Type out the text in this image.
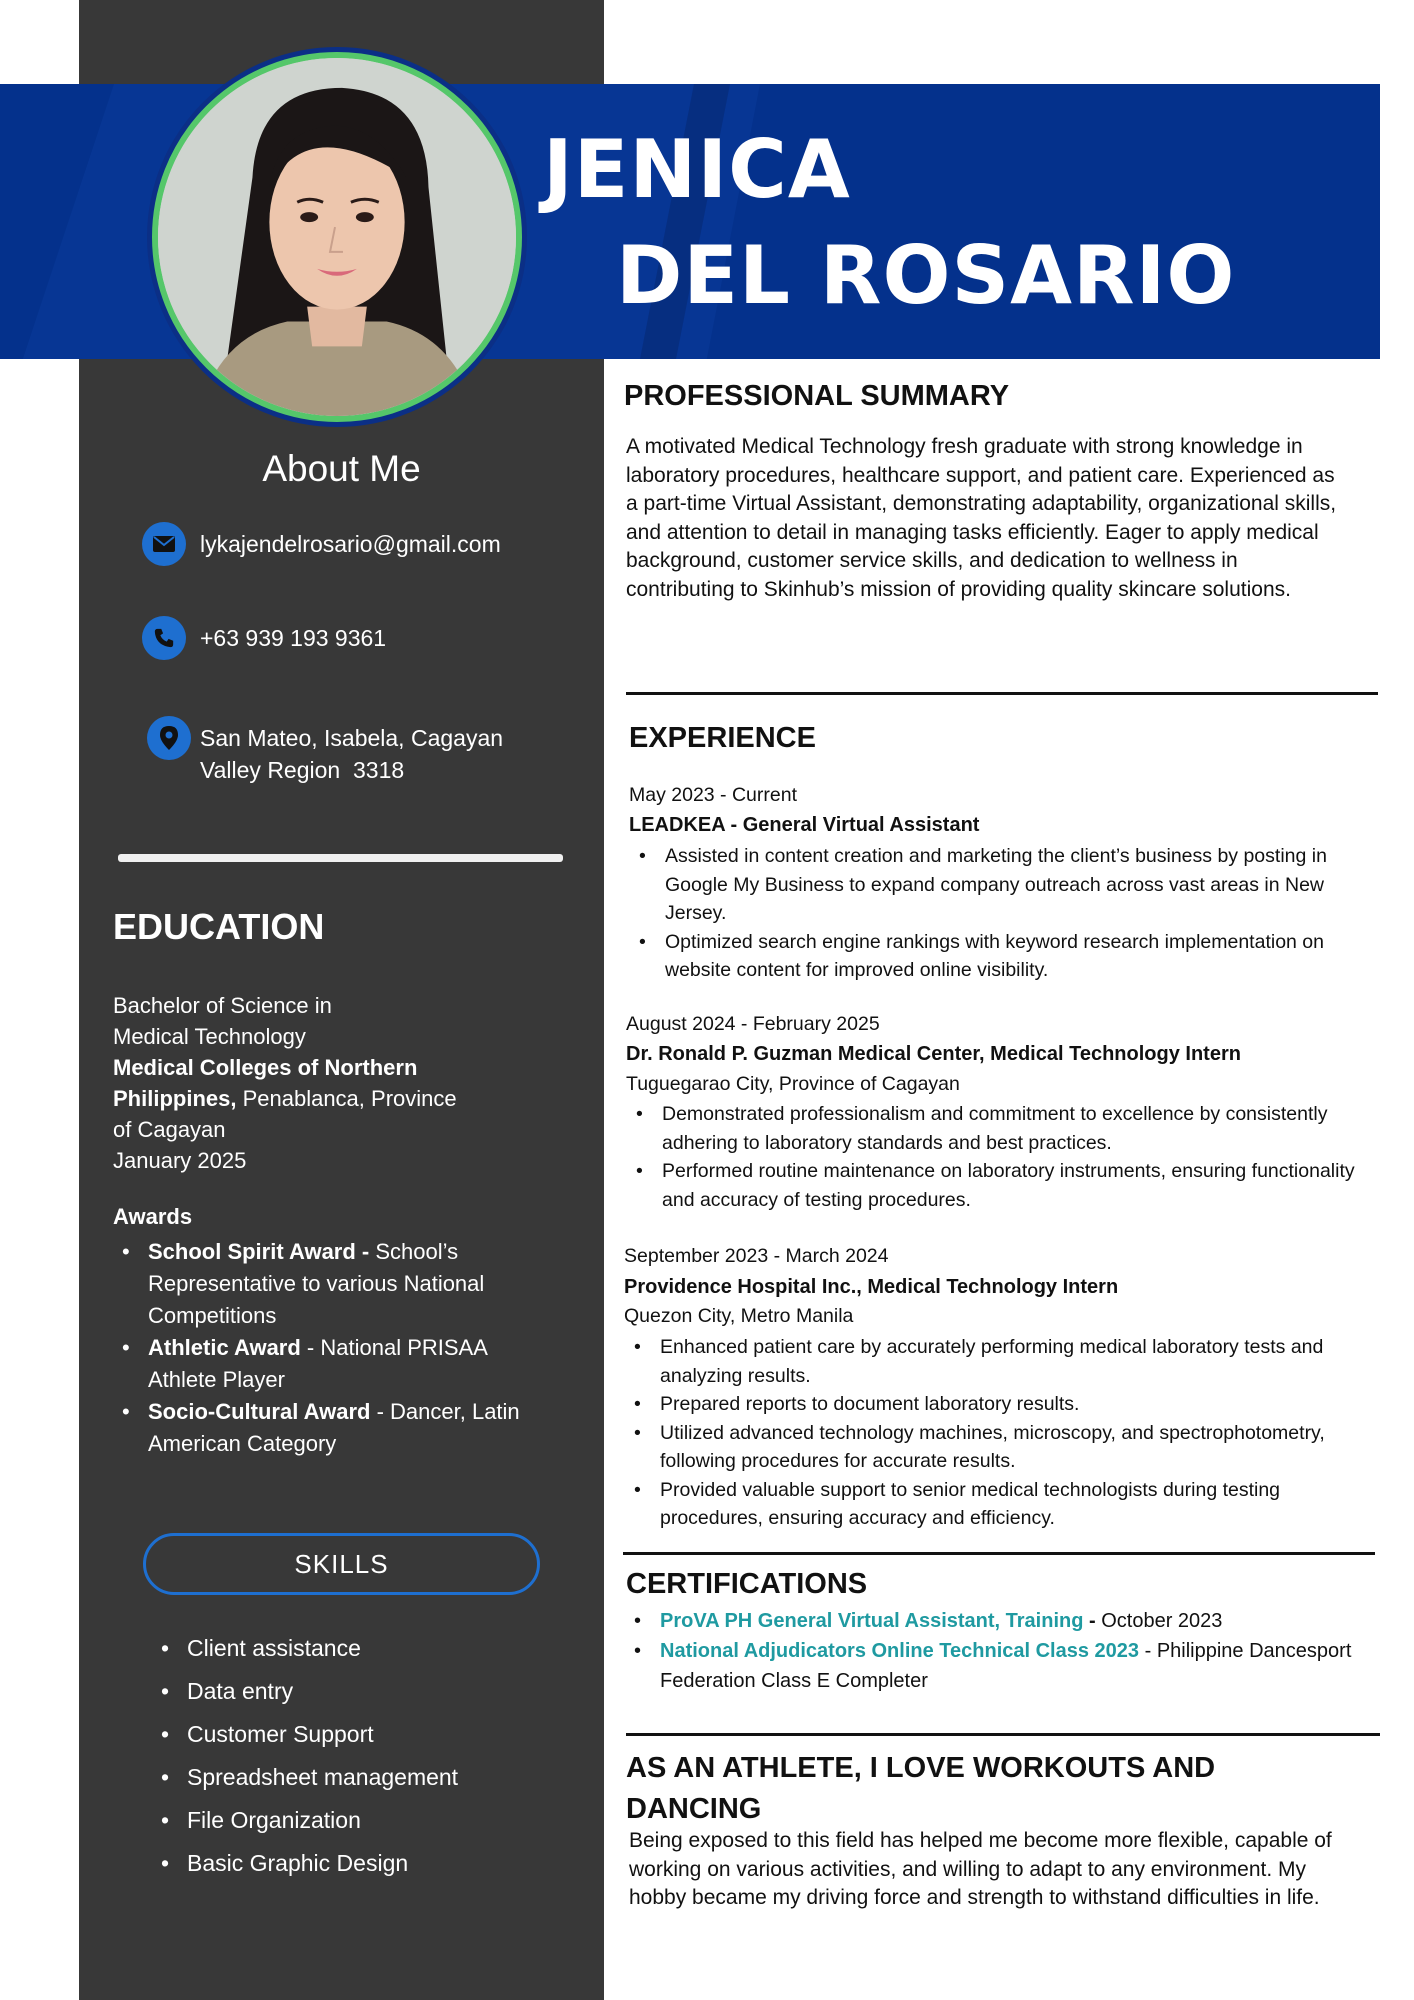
JENICA
DEL ROSARIO
About Me
lykajendelrosario@gmail.com
+63 939 193 9361
San Mateo, Isabela, Cagayan
Valley Region  3318
EDUCATION
Bachelor of Science in
Medical Technology
Medical Colleges of Northern
Philippines, Penablanca, Province
of Cagayan
January 2025
Awards
• School Spirit Award - School’s Representative to various National Competitions
• Athletic Award - National PRISAA Athlete Player
• Socio-Cultural Award - Dancer, Latin American Category
SKILLS
• Client assistance
• Data entry
• Customer Support
• Spreadsheet management
• File Organization
• Basic Graphic Design
PROFESSIONAL SUMMARY
A motivated Medical Technology fresh graduate with strong knowledge in laboratory procedures, healthcare support, and patient care. Experienced as a part-time Virtual Assistant, demonstrating adaptability, organizational skills, and attention to detail in managing tasks efficiently. Eager to apply medical background, customer service skills, and dedication to wellness in contributing to Skinhub’s mission of providing quality skincare solutions.
EXPERIENCE
May 2023 - Current
LEADKEA - General Virtual Assistant
• Assisted in content creation and marketing the client’s business by posting in Google My Business to expand company outreach across vast areas in New Jersey.
• Optimized search engine rankings with keyword research implementation on website content for improved online visibility.
August 2024 - February 2025
Dr. Ronald P. Guzman Medical Center, Medical Technology Intern
Tuguegarao City, Province of Cagayan
• Demonstrated professionalism and commitment to excellence by consistently adhering to laboratory standards and best practices.
• Performed routine maintenance on laboratory instruments, ensuring functionality and accuracy of testing procedures.
September 2023 - March 2024
Providence Hospital Inc., Medical Technology Intern
Quezon City, Metro Manila
• Enhanced patient care by accurately performing medical laboratory tests and analyzing results.
• Prepared reports to document laboratory results.
• Utilized advanced technology machines, microscopy, and spectrophotometry, following procedures for accurate results.
• Provided valuable support to senior medical technologists during testing procedures, ensuring accuracy and efficiency.
CERTIFICATIONS
• ProVA PH General Virtual Assistant, Training - October 2023
• National Adjudicators Online Technical Class 2023 - Philippine Dancesport Federation Class E Completer
AS AN ATHLETE, I LOVE WORKOUTS AND DANCING
Being exposed to this field has helped me become more flexible, capable of working on various activities, and willing to adapt to any environment. My hobby became my driving force and strength to withstand difficulties in life.
